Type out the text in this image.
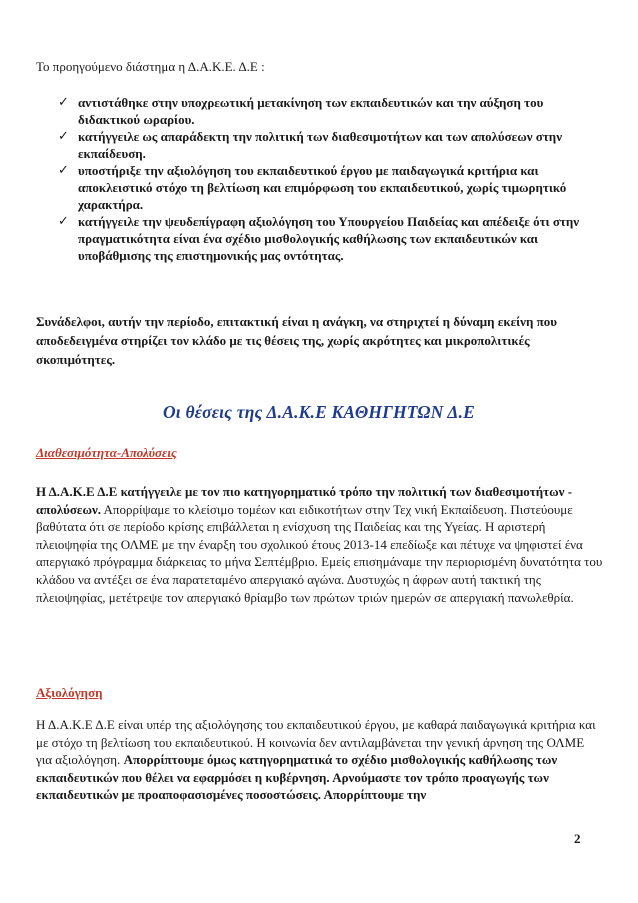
Το προηγούμενο διάστημα η Δ.Α.Κ.Ε. Δ.Ε :
✓ αντιστάθηκε στην υποχρεωτική μετακίνηση των εκπαιδευτικών και την αύξηση του διδακτικού ωραρίου.
✓ κατήγγειλε ως απαράδεκτη την πολιτική των διαθεσιμοτήτων και των απολύσεων στην εκπαίδευση.
✓ υποστήριξε την αξιολόγηση του εκπαιδευτικού έργου με παιδαγωγικά κριτήρια και αποκλειστικό στόχο τη βελτίωση και επιμόρφωση του εκπαιδευτικού, χωρίς τιμωρητικό χαρακτήρα.
✓ κατήγγειλε την ψευδεπίγραφη αξιολόγηση του Υπουργείου Παιδείας και απέδειξε ότι στην πραγματικότητα είναι ένα σχέδιο μισθολογικής καθήλωσης των εκπαιδευτικών και υποβάθμισης της επιστημονικής μας οντότητας.
Συνάδελφοι, αυτήν την περίοδο, επιτακτική είναι η ανάγκη, να στηριχτεί η δύναμη εκείνη που αποδεδειγμένα στηρίζει τον κλάδο με τις θέσεις της, χωρίς ακρότητες και μικροπολιτικές σκοπιμότητες.
Οι θέσεις της Δ.Α.Κ.Ε ΚΑΘΗΓΗΤΩΝ Δ.Ε
Διαθεσιμότητα-Απολύσεις
Η Δ.Α.Κ.Ε Δ.Ε κατήγγειλε με τον πιο κατηγορηματικό τρόπο την πολιτική των διαθεσιμοτήτων - απολύσεων. Απορρίψαμε το κλείσιμο τομέων και ειδικοτήτων στην Τεχ νική Εκπαίδευση. Πιστεύουμε βαθύτατα ότι σε περίοδο κρίσης επιβάλλεται η ενίσχυση της Παιδείας και της Υγείας. Η αριστερή πλειοψηφία της ΟΛΜΕ με την έναρξη του σχολικού έτους 2013-14 επεδίωξε και πέτυχε να ψηφιστεί ένα απεργιακό πρόγραμμα διάρκειας το μήνα Σεπτέμβριο. Εμείς επισημάναμε την περιορισμένη δυνατότητα του κλάδου να αντέξει σε ένα παρατεταμένο απεργιακό αγώνα. Δυστυχώς η άφρων αυτή τακτική της πλειοψηφίας, μετέτρεψε τον απεργιακό θρίαμβο των πρώτων τριών ημερών σε απεργιακή πανωλεθρία.
Αξιολόγηση
Η Δ.Α.Κ.Ε Δ.Ε είναι υπέρ της αξιολόγησης του εκπαιδευτικού έργου, με καθαρά παιδαγωγικά κριτήρια και με στόχο τη βελτίωση του εκπαιδευτικού. Η κοινωνία δεν αντιλαμβάνεται την γενική άρνηση της ΟΛΜΕ για αξιολόγηση. Απορρίπτουμε όμως κατηγορηματικά το σχέδιο μισθολογικής καθήλωσης των εκπαιδευτικών που θέλει να εφαρμόσει η κυβέρνηση. Αρνούμαστε τον τρόπο προαγωγής των εκπαιδευτικών με προαποφασισμένες ποσοστώσεις. Απορρίπτουμε την
2
